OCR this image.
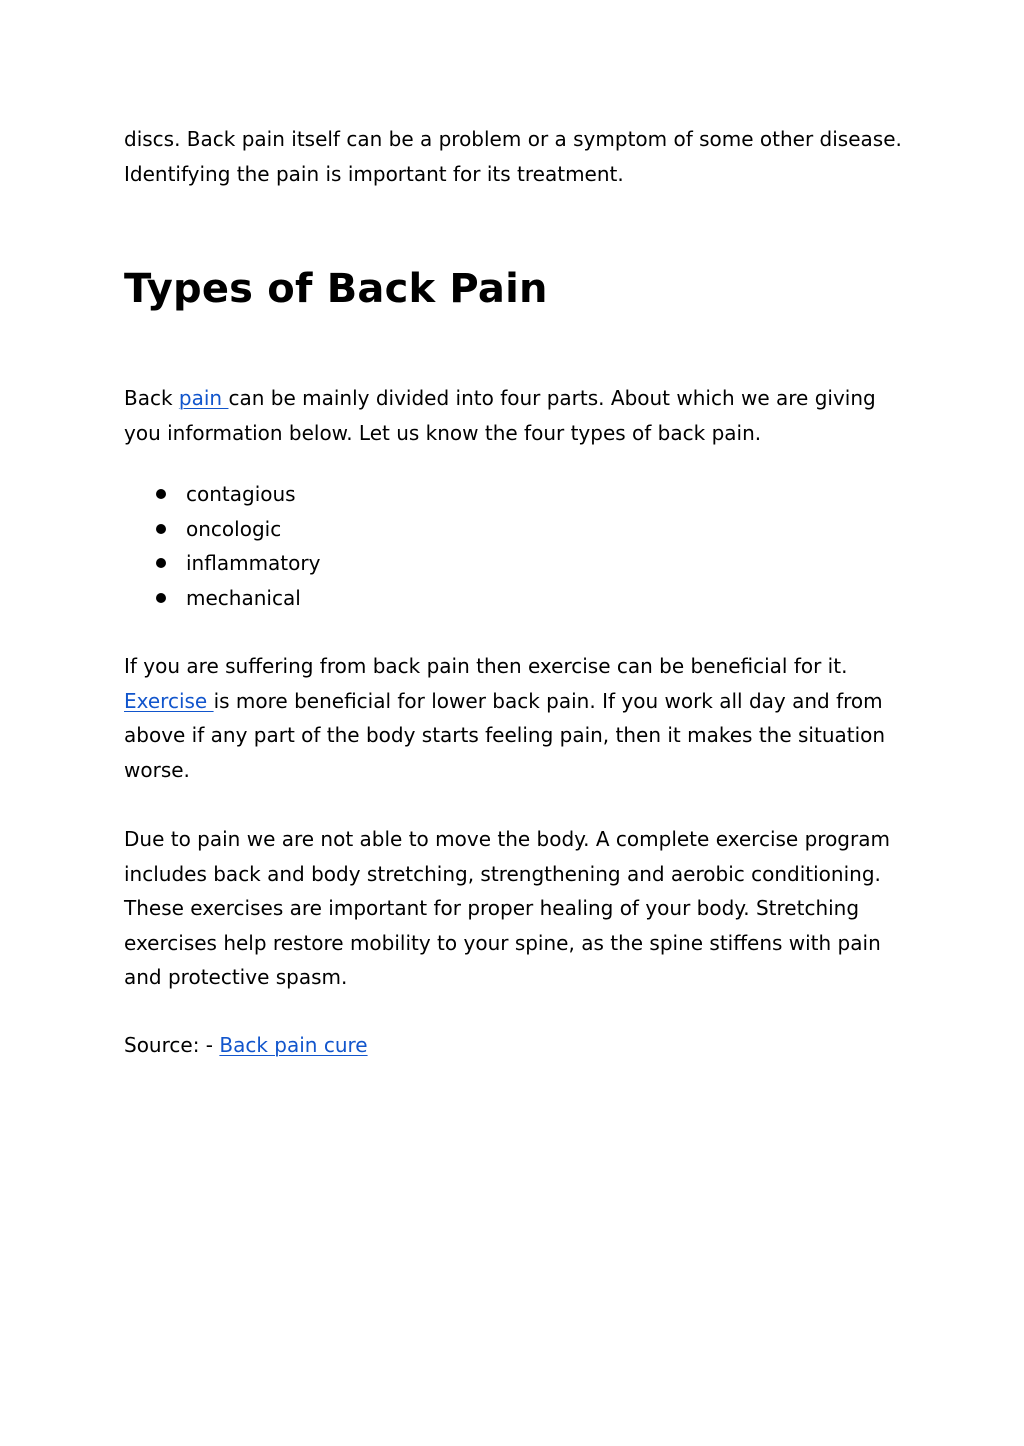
discs. Back pain itself can be a problem or a symptom of some other disease.
Identifying the pain is important for its treatment.

Types of Back Pain

Back pain can be mainly divided into four parts. About which we are giving
you information below. Let us know the four types of back pain.

contagious
oncologic
inflammatory
mechanical

If you are suffering from back pain then exercise can be beneficial for it.
Exercise is more beneficial for lower back pain. If you work all day and from
above if any part of the body starts feeling pain, then it makes the situation
worse.

Due to pain we are not able to move the body. A complete exercise program
includes back and body stretching, strengthening and aerobic conditioning.
These exercises are important for proper healing of your body. Stretching
exercises help restore mobility to your spine, as the spine stiffens with pain
and protective spasm.

Source: - Back pain cure
